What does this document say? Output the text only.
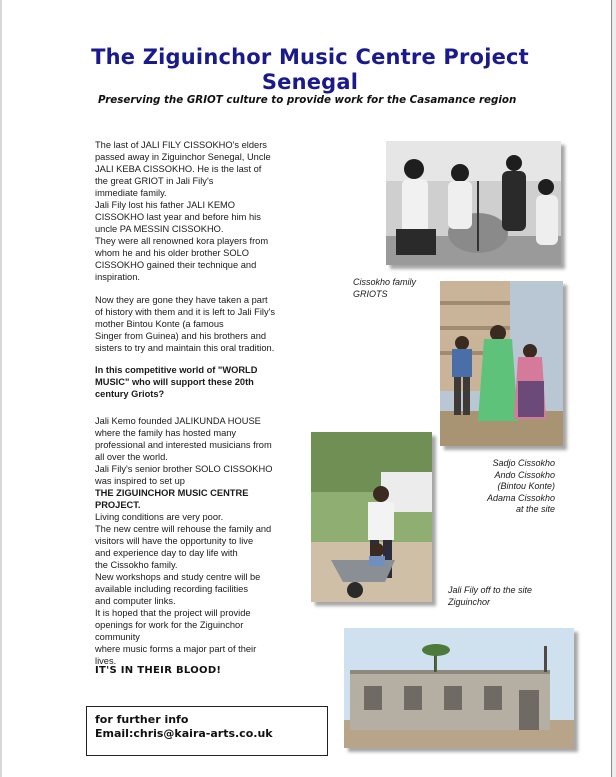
The Ziguinchor Music Centre Project
Senegal
Preserving the GRIOT culture to provide work for the Casamance region
The last of JALI FILY CISSOKHO's elders
passed away in Ziguinchor Senegal, Uncle
JALI KEBA CISSOKHO. He is the last of
the great GRIOT in Jali Fily's
immediate family.
Jali Fily lost his father JALI KEMO
CISSOKHO last year and before him his
uncle PA MESSIN CISSOKHO.
They were all renowned kora players from
whom he and his older brother SOLO
CISSOKHO gained their technique and
inspiration.
Now they are gone they have taken a part
of history with them and it is left to Jali Fily's
mother Bintou Konte (a famous
Singer from Guinea) and his brothers and
sisters to try and maintain this oral tradition.
In this competitive world of "WORLD
MUSIC" who will support these 20th
century Griots?
Jali Kemo founded JALIKUNDA HOUSE
where the family has hosted many
professional and interested musicians from
all over the world.
Jali Fily's senior brother SOLO CISSOKHO
was inspired to set up
THE ZIGUINCHOR MUSIC CENTRE
PROJECT.
Living conditions are very poor.
The new centre will rehouse the family and
visitors will have the opportunity to live
and experience day to day life with
the Cissokho family.
New workshops and study centre will be
available including recording facilities
and computer links.
It is hoped that the project will provide
openings for work for the Ziguinchor
community
where music forms a major part of their
lives.
IT'S IN THEIR BLOOD!
Cissokho family
GRIOTS
Sadjo Cissokho
Ando Cissokho
(Bintou Konte)
Adama Cissokho
at the site
Jali Fily off to the site
Ziguinchor
for further info
Email:chris@kaira-arts.co.uk
